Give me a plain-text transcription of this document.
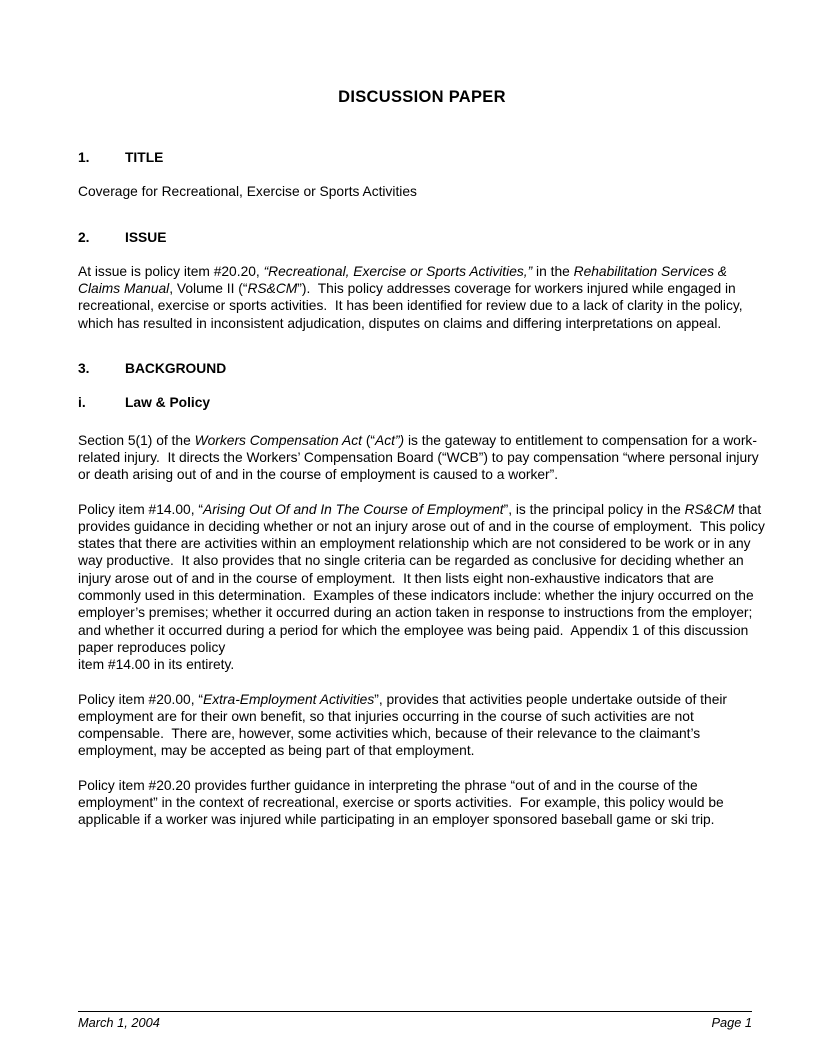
DISCUSSION PAPER
1.	TITLE

Coverage for Recreational, Exercise or Sports Activities

2.	ISSUE

At issue is policy item #20.20, “Recreational, Exercise or Sports Activities,” in the Rehabilitation Services & Claims Manual, Volume II (“RS&CM”).  This policy addresses coverage for workers injured while engaged in recreational, exercise or sports activities.  It has been identified for review due to a lack of clarity in the policy, which has resulted in inconsistent adjudication, disputes on claims and differing interpretations on appeal.

3.	BACKGROUND
i.	Law & Policy

Section 5(1) of the Workers Compensation Act (“Act”) is the gateway to entitlement to compensation for a work-related injury.  It directs the Workers’ Compensation Board (“WCB”) to pay compensation “where personal injury or death arising out of and in the course of employment is caused to a worker”.

Policy item #14.00, “Arising Out Of and In The Course of Employment”, is the principal policy in the RS&CM that provides guidance in deciding whether or not an injury arose out of and in the course of employment.  This policy states that there are activities within an employment relationship which are not considered to be work or in any way productive.  It also provides that no single criteria can be regarded as conclusive for deciding whether an injury arose out of and in the course of employment.  It then lists eight non-exhaustive indicators that are commonly used in this determination.  Examples of these indicators include: whether the injury occurred on the employer’s premises; whether it occurred during an action taken in response to instructions from the employer; and whether it occurred during a period for which the employee was being paid.  Appendix 1 of this discussion paper reproduces policy
item #14.00 in its entirety.

Policy item #20.00, “Extra-Employment Activities”, provides that activities people undertake outside of their employment are for their own benefit, so that injuries occurring in the course of such activities are not compensable.  There are, however, some activities which, because of their relevance to the claimant’s employment, may be accepted as being part of that employment.

Policy item #20.20 provides further guidance in interpreting the phrase “out of and in the course of the employment” in the context of recreational, exercise or sports activities.  For example, this policy would be applicable if a worker was injured while participating in an employer sponsored baseball game or ski trip.

March 1, 2004	Page 1
